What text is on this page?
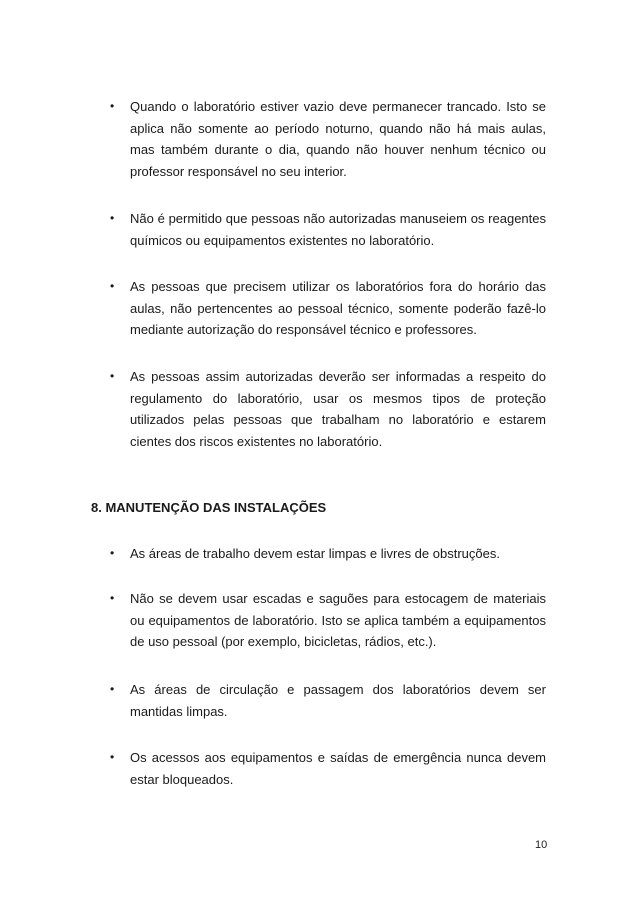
• Quando o laboratório estiver vazio deve permanecer trancado. Isto se aplica não somente ao período noturno, quando não há mais aulas, mas também durante o dia, quando não houver nenhum técnico ou professor responsável no seu interior.
• Não é permitido que pessoas não autorizadas manuseiem os reagentes químicos ou equipamentos existentes no laboratório.
• As pessoas que precisem utilizar os laboratórios fora do horário das aulas, não pertencentes ao pessoal técnico, somente poderão fazê-lo mediante autorização do responsável técnico e professores.
• As pessoas assim autorizadas deverão ser informadas a respeito do regulamento do laboratório, usar os mesmos tipos de proteção utilizados pelas pessoas que trabalham no laboratório e estarem cientes dos riscos existentes no laboratório.
8. MANUTENÇÃO DAS INSTALAÇÕES
• As áreas de trabalho devem estar limpas e livres de obstruções.
• Não se devem usar escadas e saguões para estocagem de materiais ou equipamentos de laboratório. Isto se aplica também a equipamentos de uso pessoal (por exemplo, bicicletas, rádios, etc.).
• As áreas de circulação e passagem dos laboratórios devem ser mantidas limpas.
• Os acessos aos equipamentos e saídas de emergência nunca devem estar bloqueados.
10
